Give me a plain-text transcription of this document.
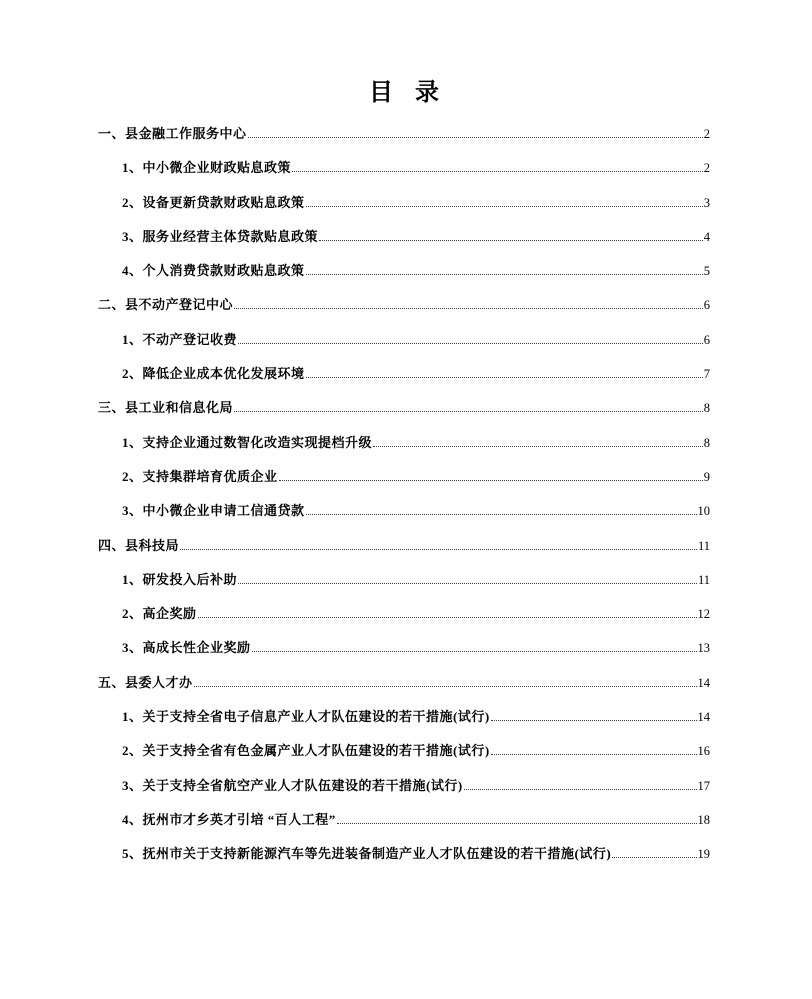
目 录
一、县金融工作服务中心	2
1、中小微企业财政贴息政策	2
2、设备更新贷款财政贴息政策	3
3、服务业经营主体贷款贴息政策	4
4、个人消费贷款财政贴息政策	5
二、县不动产登记中心	6
1、不动产登记收费	6
2、降低企业成本优化发展环境	7
三、县工业和信息化局	8
1、支持企业通过数智化改造实现提档升级	8
2、支持集群培育优质企业	9
3、中小微企业申请工信通贷款	10
四、县科技局	11
1、研发投入后补助	11
2、高企奖励	12
3、高成长性企业奖励	13
五、县委人才办	14
1、关于支持全省电子信息产业人才队伍建设的若干措施(试行)	14
2、关于支持全省有色金属产业人才队伍建设的若干措施(试行)	16
3、关于支持全省航空产业人才队伍建设的若干措施(试行)	17
4、抚州市才乡英才引培 “百人工程”	18
5、抚州市关于支持新能源汽车等先进装备制造产业人才队伍建设的若干措施(试行)	19
